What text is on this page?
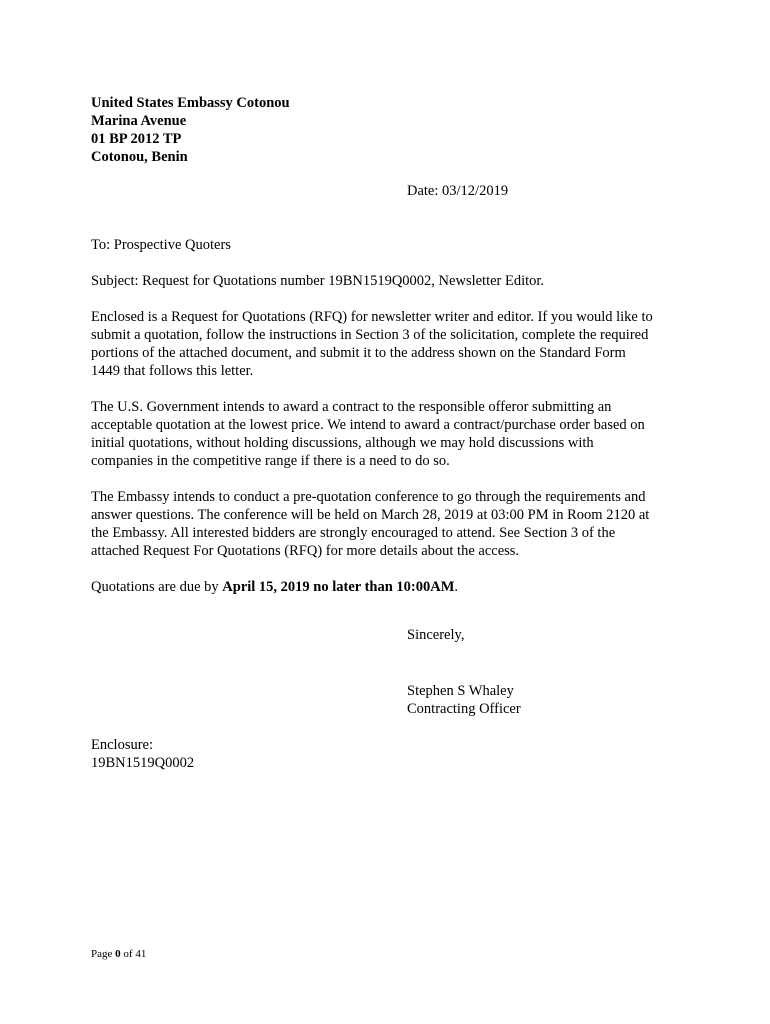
United States Embassy Cotonou
Marina Avenue
01 BP 2012 TP
Cotonou, Benin
Date: 03/12/2019
To: Prospective Quoters
Subject: Request for Quotations number 19BN1519Q0002, Newsletter Editor.
Enclosed is a Request for Quotations (RFQ) for newsletter writer and editor. If you would like to
submit a quotation, follow the instructions in Section 3 of the solicitation, complete the required
portions of the attached document, and submit it to the address shown on the Standard Form
1449 that follows this letter.
The U.S. Government intends to award a contract to the responsible offeror submitting an
acceptable quotation at the lowest price. We intend to award a contract/purchase order based on
initial quotations, without holding discussions, although we may hold discussions with
companies in the competitive range if there is a need to do so.
The Embassy intends to conduct a pre-quotation conference to go through the requirements and
answer questions. The conference will be held on March 28, 2019 at 03:00 PM in Room 2120 at
the Embassy. All interested bidders are strongly encouraged to attend. See Section 3 of the
attached Request For Quotations (RFQ) for more details about the access.
Quotations are due by April 15, 2019 no later than 10:00AM.
Sincerely,
Stephen S Whaley
Contracting Officer
Enclosure:
19BN1519Q0002
Page 0 of 41
